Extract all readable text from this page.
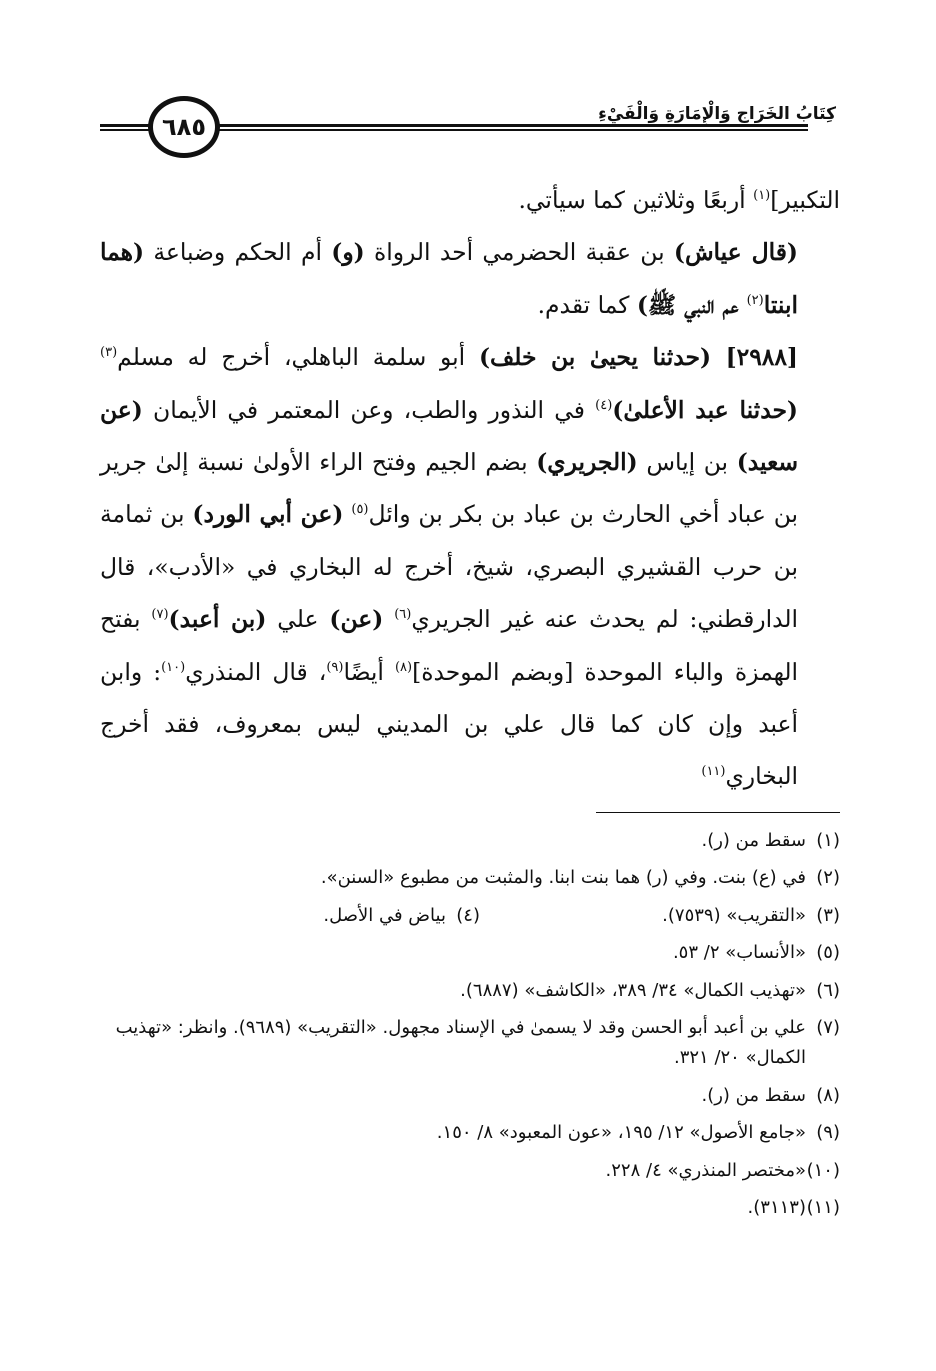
كِتَابُ الخَرَاجِ وَالْإِمَارَةِ وَالْفَيْءِ
٦٨٥

التكبير]$^{(١)}$ أربعًا وثلاثين كما سيأتي.

(قال عياش) بن عقبة الحضرمي أحد الرواة (و) أم الحكم وضباعة (هما ابنتا$^{(٢)}$ عم النبي ﷺ) كما تقدم.

[٢٩٨٨] (حدثنا يحيىٰ بن خلف) أبو سلمة الباهلي، أخرج له مسلم$^{(٣)}$ (حدثنا عبد الأعلىٰ)$^{(٤)}$ في النذور والطب، وعن المعتمر في الأيمان (عن سعيد) بن إياس (الجريري) بضم الجيم وفتح الراء الأولىٰ نسبة إلىٰ جرير بن عباد أخي الحارث بن عباد بن بكر بن وائل$^{(٥)}$ (عن أبي الورد) بن ثمامة بن حرب القشيري البصري، شيخ، أخرج له البخاري في «الأدب»، قال الدارقطني: لم يحدث عنه غير الجريري$^{(٦)}$ (عن) علي (بن أعبد)$^{(٧)}$ بفتح الهمزة والباء الموحدة [وبضم الموحدة]$^{(٨)}$ أيضًا$^{(٩)}$، قال المنذري$^{(١٠)}$: وابن أعبد وإن كان كما قال علي بن المديني ليس بمعروف، فقد أخرج البخاري$^{(١١)}$

(١)
سقط من (ر).
(٢)
في (ع) بنت. وفي (ر) هما بنت ابنا. والمثبت من مطبوع «السنن».
(٣)
«التقريب» (٧٥٣٩).
(٤)
بياض في الأصل.
(٥)
«الأنساب» ٢/ ٥٣.
(٦)
«تهذيب الكمال» ٣٤/ ٣٨٩، «الكاشف» (٦٨٨٧).
(٧)
علي بن أعبد أبو الحسن وقد لا يسمىٰ في الإسناد مجهول. «التقريب» (٩٦٨٩). وانظر: «تهذيب الكمال» ٢٠/ ٣٢١.
(٨)
سقط من (ر).
(٩)
«جامع الأصول» ١٢/ ١٩٥، «عون المعبود» ٨/ ١٥٠.
(١٠)
«مختصر المنذري» ٤/ ٢٢٨.
(١١)
(٣١١٣).
